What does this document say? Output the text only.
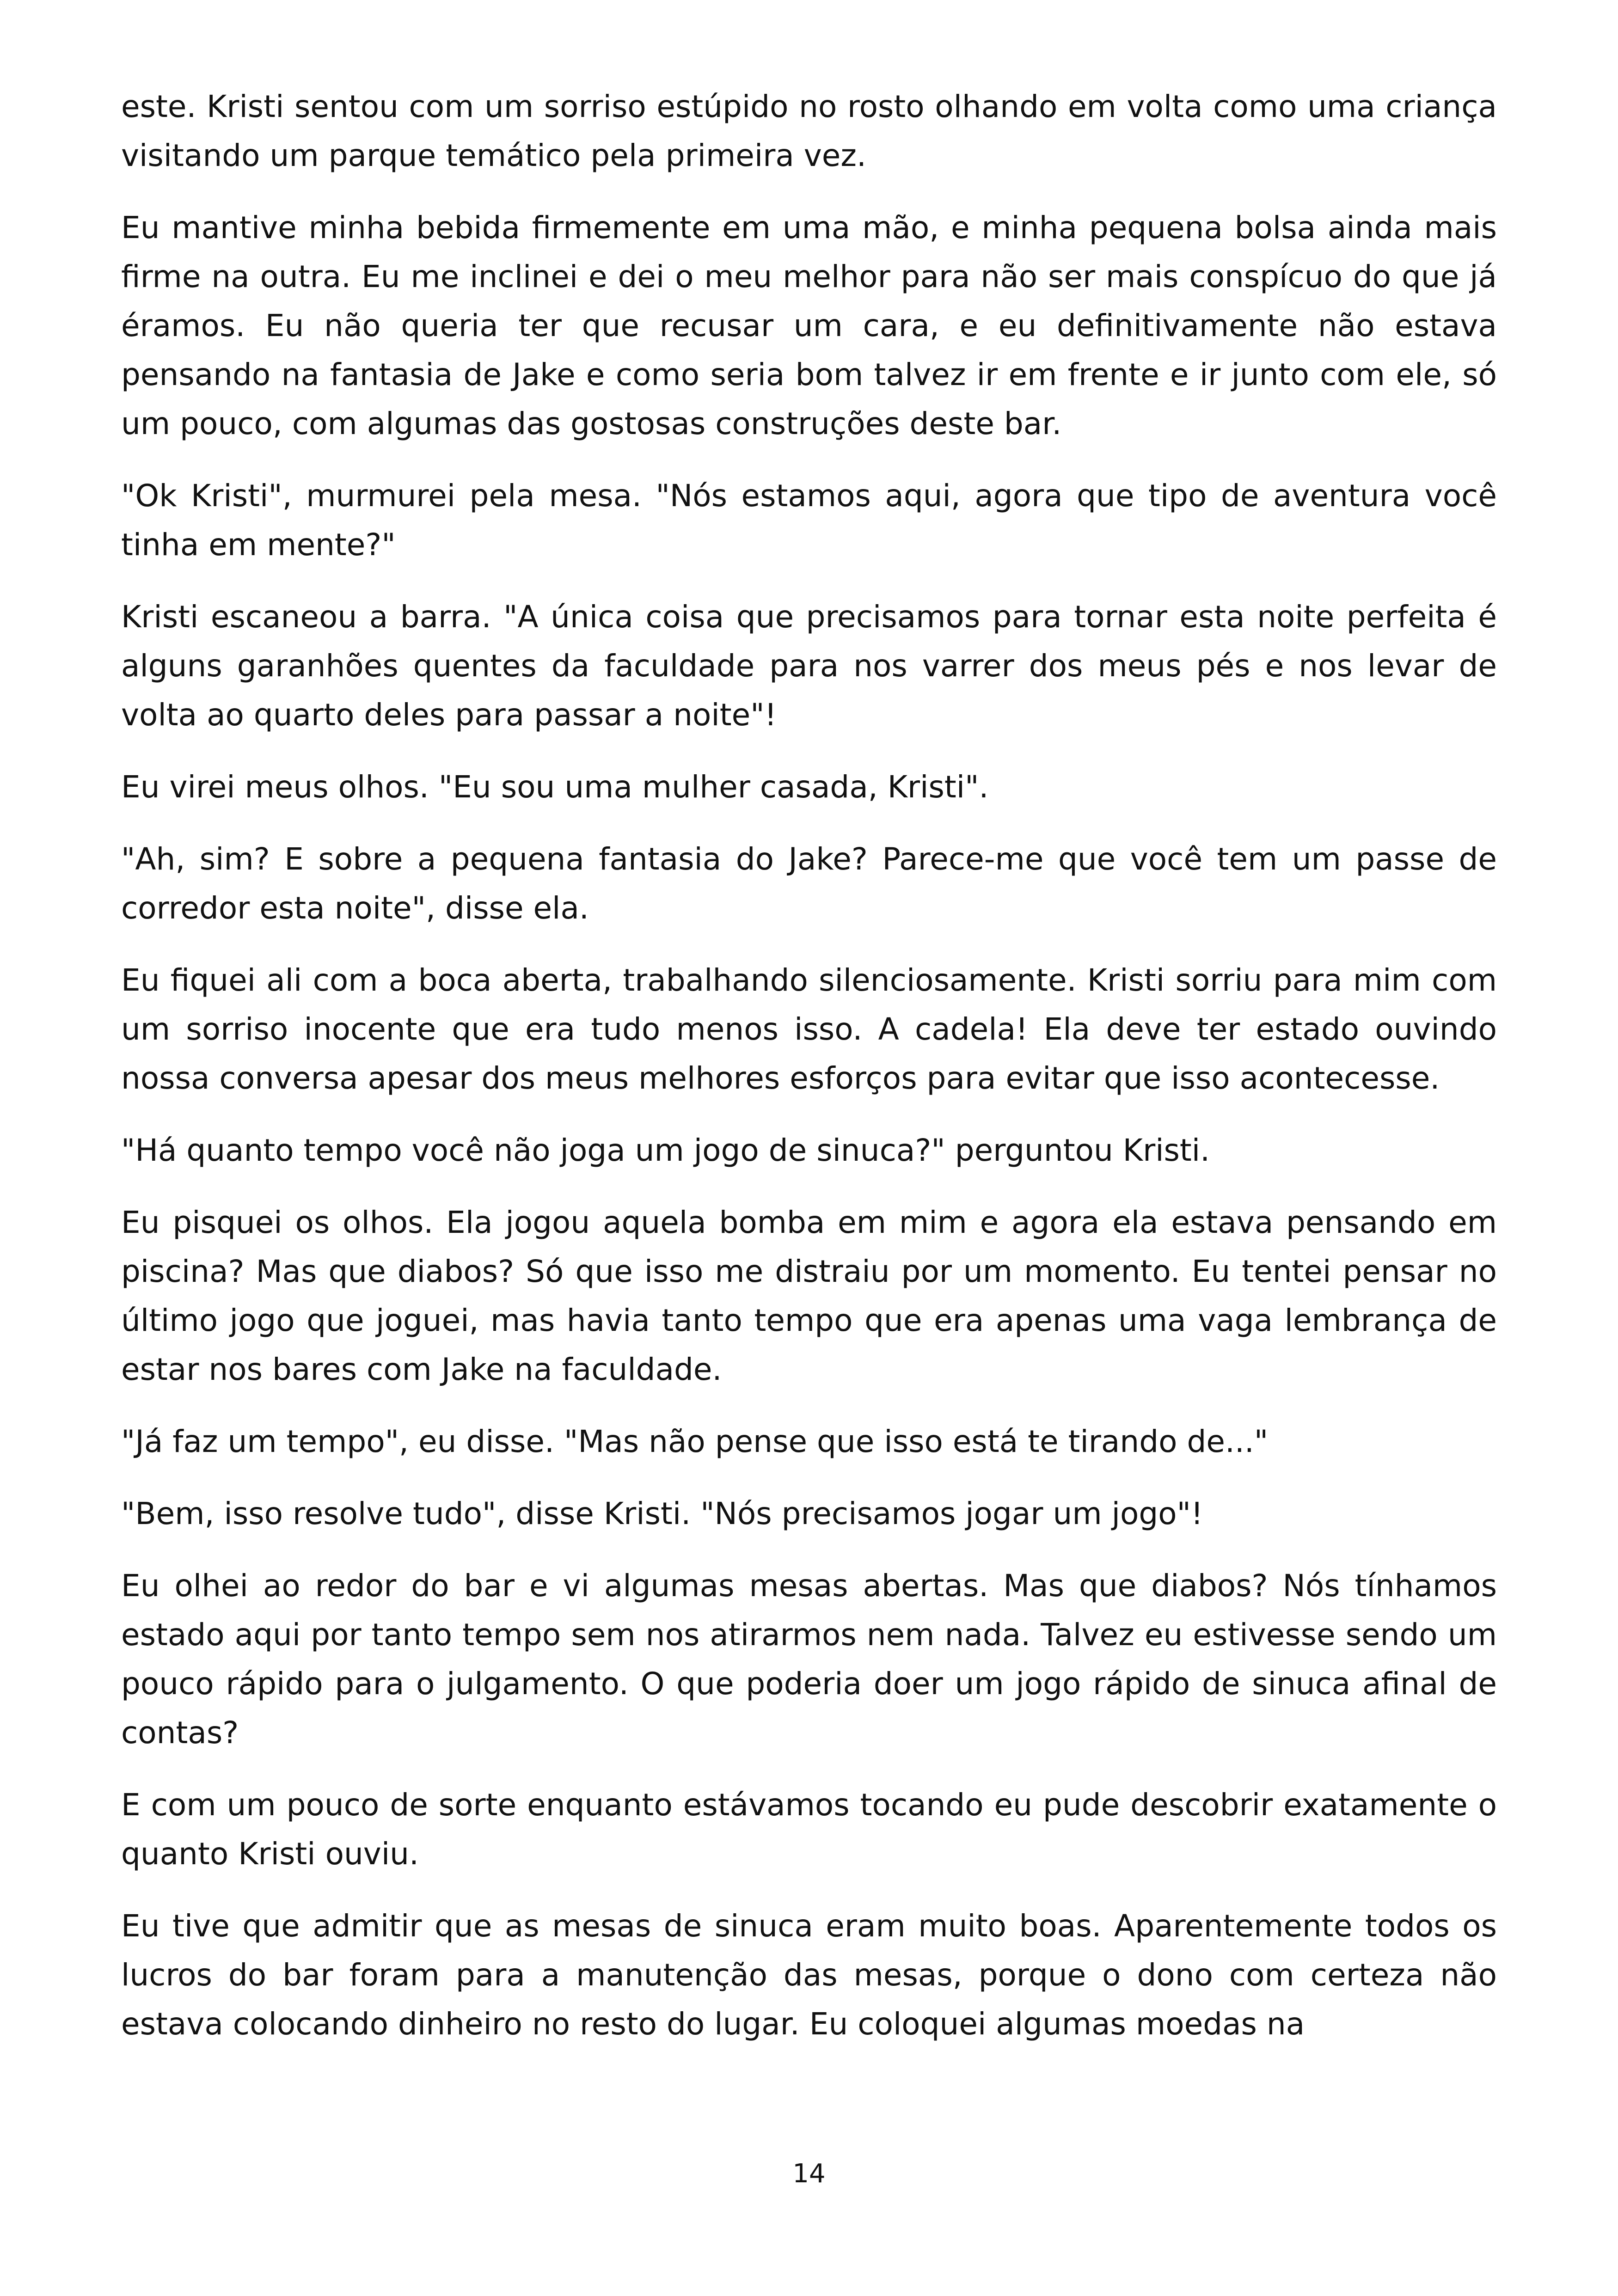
este. Kristi sentou com um sorriso estúpido no rosto olhando em volta como uma criança visitando um parque temático pela primeira vez.

Eu mantive minha bebida firmemente em uma mão, e minha pequena bolsa ainda mais firme na outra. Eu me inclinei e dei o meu melhor para não ser mais conspícuo do que já éramos. Eu não queria ter que recusar um cara, e eu definitivamente não estava pensando na fantasia de Jake e como seria bom talvez ir em frente e ir junto com ele, só um pouco, com algumas das gostosas construções deste bar.

"Ok Kristi", murmurei pela mesa. "Nós estamos aqui, agora que tipo de aventura você tinha em mente?"

Kristi escaneou a barra. "A única coisa que precisamos para tornar esta noite perfeita é alguns garanhões quentes da faculdade para nos varrer dos meus pés e nos levar de volta ao quarto deles para passar a noite"!

Eu virei meus olhos. "Eu sou uma mulher casada, Kristi".

"Ah, sim? E sobre a pequena fantasia do Jake? Parece-me que você tem um passe de corredor esta noite", disse ela.

Eu fiquei ali com a boca aberta, trabalhando silenciosamente. Kristi sorriu para mim com um sorriso inocente que era tudo menos isso. A cadela! Ela deve ter estado ouvindo nossa conversa apesar dos meus melhores esforços para evitar que isso acontecesse.

"Há quanto tempo você não joga um jogo de sinuca?" perguntou Kristi.

Eu pisquei os olhos. Ela jogou aquela bomba em mim e agora ela estava pensando em piscina? Mas que diabos? Só que isso me distraiu por um momento. Eu tentei pensar no último jogo que joguei, mas havia tanto tempo que era apenas uma vaga lembrança de estar nos bares com Jake na faculdade.

"Já faz um tempo", eu disse. "Mas não pense que isso está te tirando de..."

"Bem, isso resolve tudo", disse Kristi. "Nós precisamos jogar um jogo"!

Eu olhei ao redor do bar e vi algumas mesas abertas. Mas que diabos? Nós tínhamos estado aqui por tanto tempo sem nos atirarmos nem nada. Talvez eu estivesse sendo um pouco rápido para o julgamento. O que poderia doer um jogo rápido de sinuca afinal de contas?

E com um pouco de sorte enquanto estávamos tocando eu pude descobrir exatamente o quanto Kristi ouviu.

Eu tive que admitir que as mesas de sinuca eram muito boas. Aparentemente todos os lucros do bar foram para a manutenção das mesas, porque o dono com certeza não estava colocando dinheiro no resto do lugar. Eu coloquei algumas moedas na

14
